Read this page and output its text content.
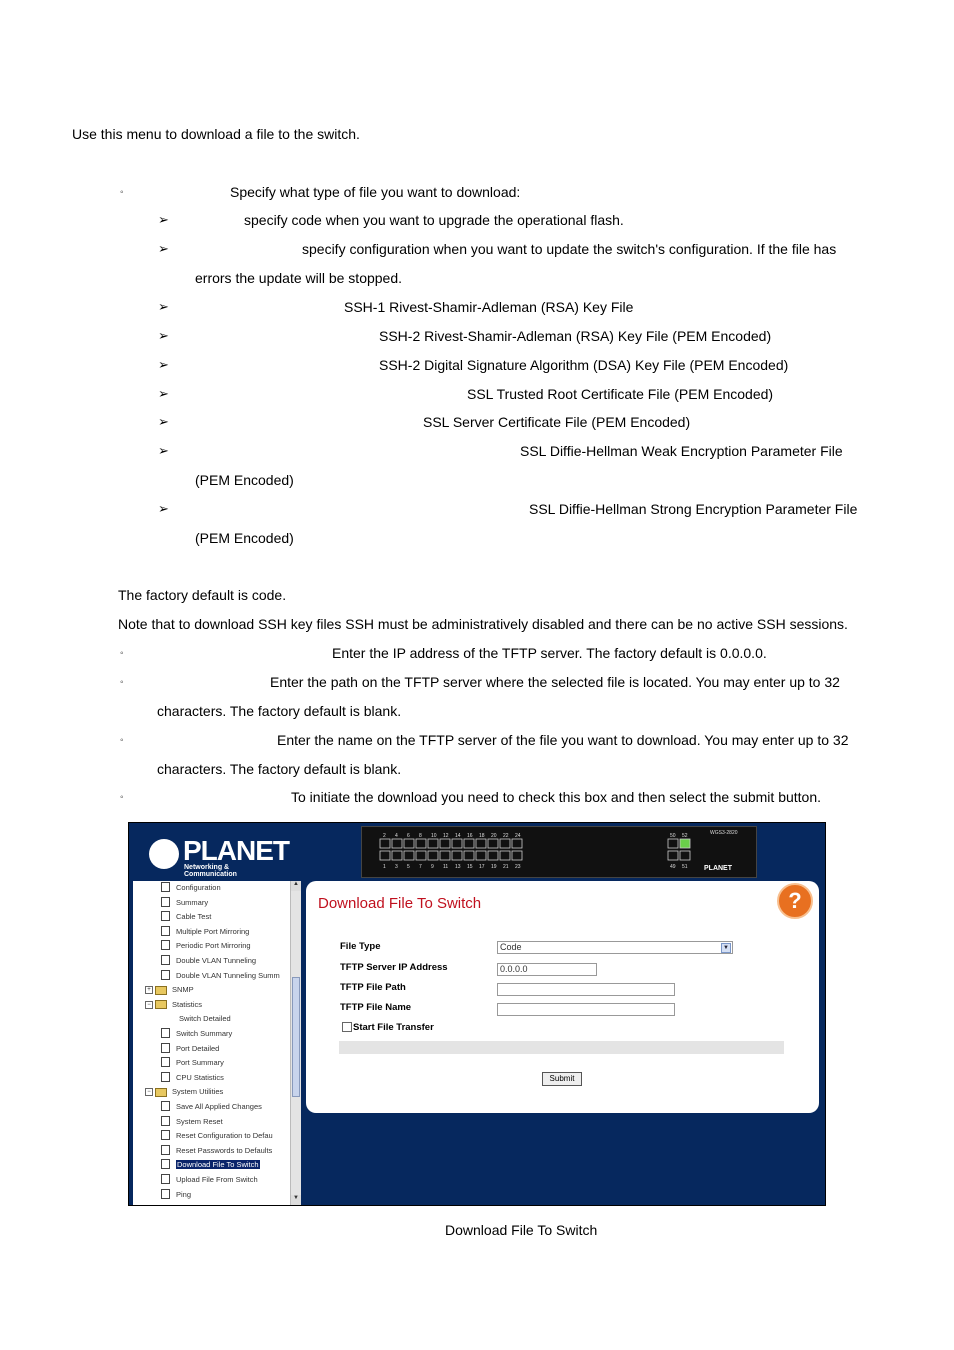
Use this menu to download a file to the switch.
◦	Specify what type of file you want to download:
➢	specify code when you want to upgrade the operational flash.
➢	specify configuration when you want to update the switch's configuration. If the file has
errors the update will be stopped.
➢	SSH-1 Rivest-Shamir-Adleman (RSA) Key File
➢	SSH-2 Rivest-Shamir-Adleman (RSA) Key File (PEM Encoded)
➢	SSH-2 Digital Signature Algorithm (DSA) Key File (PEM Encoded)
➢	SSL Trusted Root Certificate File (PEM Encoded)
➢	SSL Server Certificate File (PEM Encoded)
➢	SSL Diffie-Hellman Weak Encryption Parameter File
(PEM Encoded)
➢	SSL Diffie-Hellman Strong Encryption Parameter File
(PEM Encoded)
The factory default is code.
Note that to download SSH key files SSH must be administratively disabled and there can be no active SSH sessions.
◦	Enter the IP address of the TFTP server. The factory default is 0.0.0.0.
◦	Enter the path on the TFTP server where the selected file is located. You may enter up to 32
characters. The factory default is blank.
◦	Enter the name on the TFTP server of the file you want to download. You may enter up to 32
characters. The factory default is blank.
◦	To initiate the download you need to check this box and then select the submit button.
PLANET
Networking & Communication
2 4 6 8 10 12 14 16 18 20 22 24	50 52
1 3 5 7 9 11 13 15 17 19 21 23	49 51
WGS3-2820
PLANET
Configuration
Summary
Cable Test
Multiple Port Mirroring
Periodic Port Mirroring
Double VLAN Tunneling
Double VLAN Tunneling Summ
+	SNMP
−	Statistics
Switch Detailed
Switch Summary
Port Detailed
Port Summary
CPU Statistics
−	System Utilities
Save All Applied Changes
System Reset
Reset Configuration to Defau
Reset Passwords to Defaults
Download File To Switch
Upload File From Switch
Ping
▲
▼
Download File To Switch	?
File Type	Code	▼
TFTP Server IP Address	0.0.0.0
TFTP File Path
TFTP File Name
Start File Transfer
Submit
Download File To Switch
